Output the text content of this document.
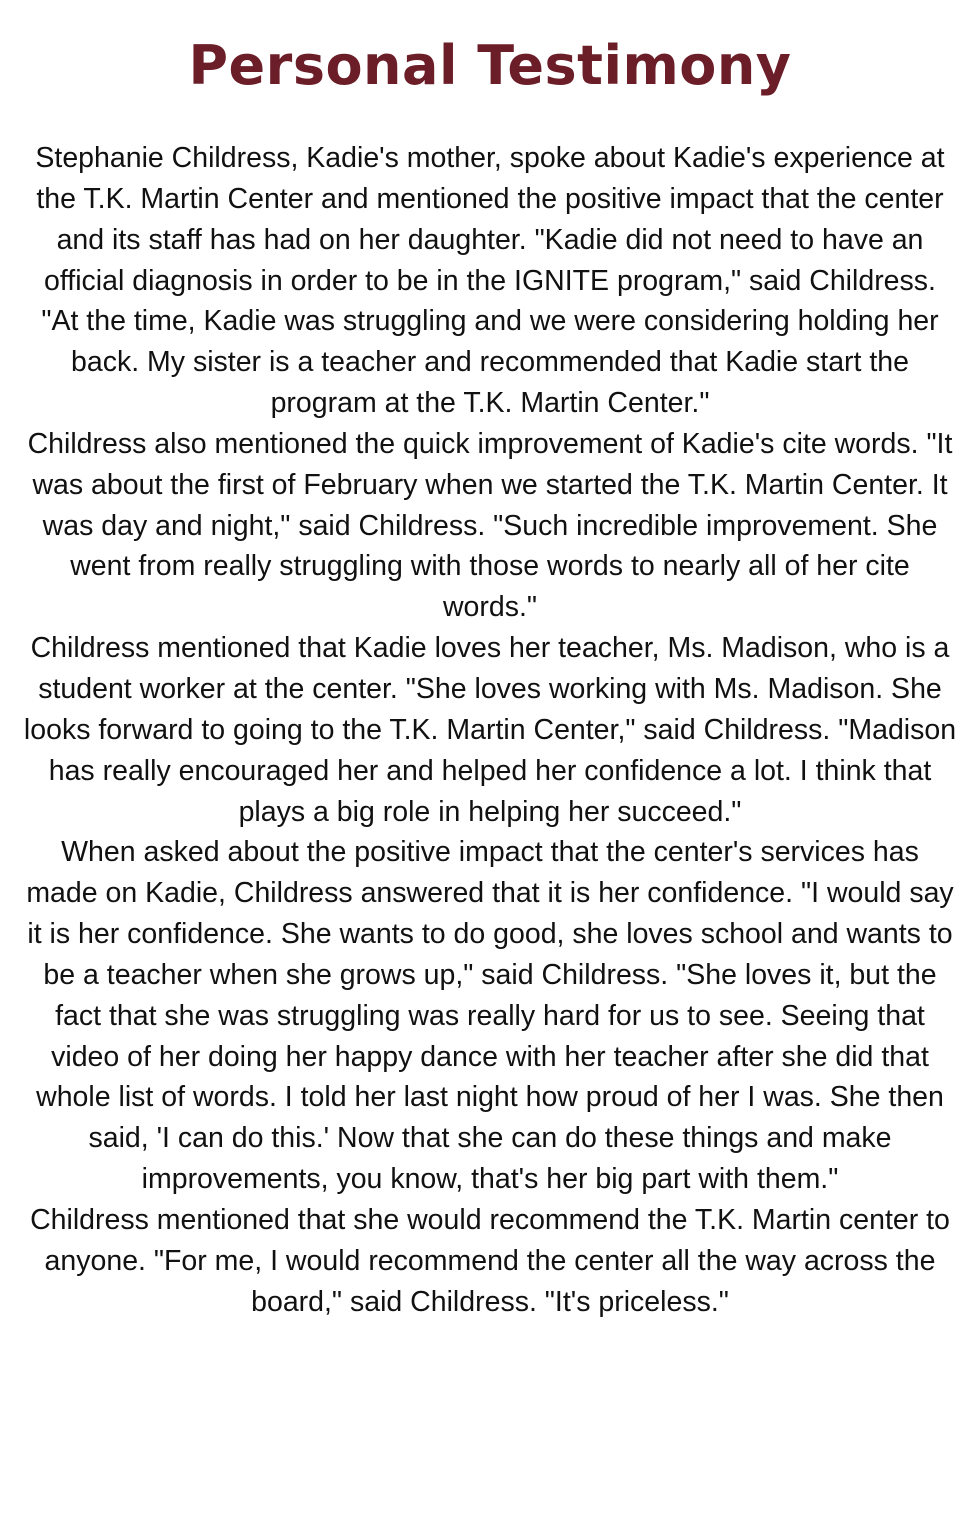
Personal Testimony

Stephanie Childress, Kadie's mother, spoke about Kadie's experience at the T.K. Martin Center and mentioned the positive impact that the center and its staff has had on her daughter. "Kadie did not need to have an official diagnosis in order to be in the IGNITE program," said Childress. "At the time, Kadie was struggling and we were considering holding her back. My sister is a teacher and recommended that Kadie start the program at the T.K. Martin Center."

Childress also mentioned the quick improvement of Kadie's cite words. "It was about the first of February when we started the T.K. Martin Center. It was day and night," said Childress. "Such incredible improvement. She went from really struggling with those words to nearly all of her cite words."

Childress mentioned that Kadie loves her teacher, Ms. Madison, who is a student worker at the center. "She loves working with Ms. Madison. She looks forward to going to the T.K. Martin Center," said Childress. "Madison has really encouraged her and helped her confidence a lot. I think that plays a big role in helping her succeed."

When asked about the positive impact that the center's services has made on Kadie, Childress answered that it is her confidence. "I would say it is her confidence. She wants to do good, she loves school and wants to be a teacher when she grows up," said Childress. "She loves it, but the fact that she was struggling was really hard for us to see. Seeing that video of her doing her happy dance with her teacher after she did that whole list of words. I told her last night how proud of her I was. She then said, 'I can do this.' Now that she can do these things and make improvements, you know, that's her big part with them."

Childress mentioned that she would recommend the T.K. Martin center to anyone. "For me, I would recommend the center all the way across the board," said Childress. "It's priceless."
